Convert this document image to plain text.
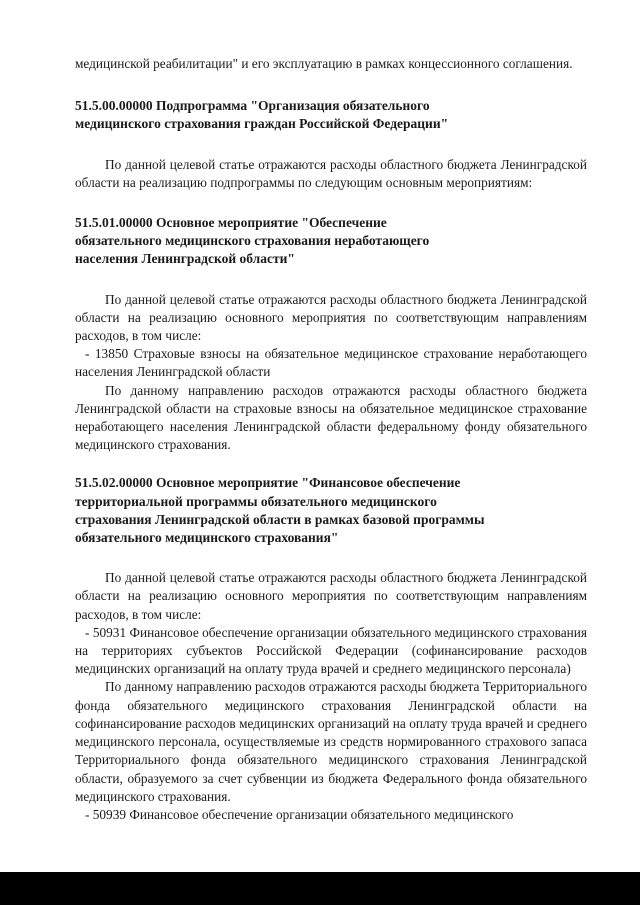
медицинской реабилитации" и его эксплуатацию в рамках концессионного соглашения.

51.5.00.00000 Подпрограмма "Организация обязательного
медицинского страхования граждан Российской Федерации"

По данной целевой статье отражаются расходы областного бюджета Ленинградской области на реализацию подпрограммы по следующим основным мероприятиям:

51.5.01.00000 Основное мероприятие "Обеспечение
обязательного медицинского страхования неработающего
населения Ленинградской области"

По данной целевой статье отражаются расходы областного бюджета Ленинградской области на реализацию основного мероприятия по соответствующим направлениям расходов, в том числе:

- 13850 Страховые взносы на обязательное медицинское страхование неработающего населения Ленинградской области

По данному направлению расходов отражаются расходы областного бюджета Ленинградской области на страховые взносы на обязательное медицинское страхование неработающего населения Ленинградской области федеральному фонду обязательного медицинского страхования.

51.5.02.00000 Основное мероприятие "Финансовое обеспечение
территориальной программы обязательного медицинского
страхования Ленинградской области в рамках базовой программы
обязательного медицинского страхования"

По данной целевой статье отражаются расходы областного бюджета Ленинградской области на реализацию основного мероприятия по соответствующим направлениям расходов, в том числе:

- 50931 Финансовое обеспечение организации обязательного медицинского страхования на территориях субъектов Российской Федерации (софинансирование расходов медицинских организаций на оплату труда врачей и среднего медицинского персонала)

По данному направлению расходов отражаются расходы бюджета Территориального фонда обязательного медицинского страхования Ленинградской области на софинансирование расходов медицинских организаций на оплату труда врачей и среднего медицинского персонала, осуществляемые из средств нормированного страхового запаса Территориального фонда обязательного медицинского страхования Ленинградской области, образуемого за счет субвенции из бюджета Федерального фонда обязательного медицинского страхования.

- 50939 Финансовое обеспечение организации обязательного медицинского
